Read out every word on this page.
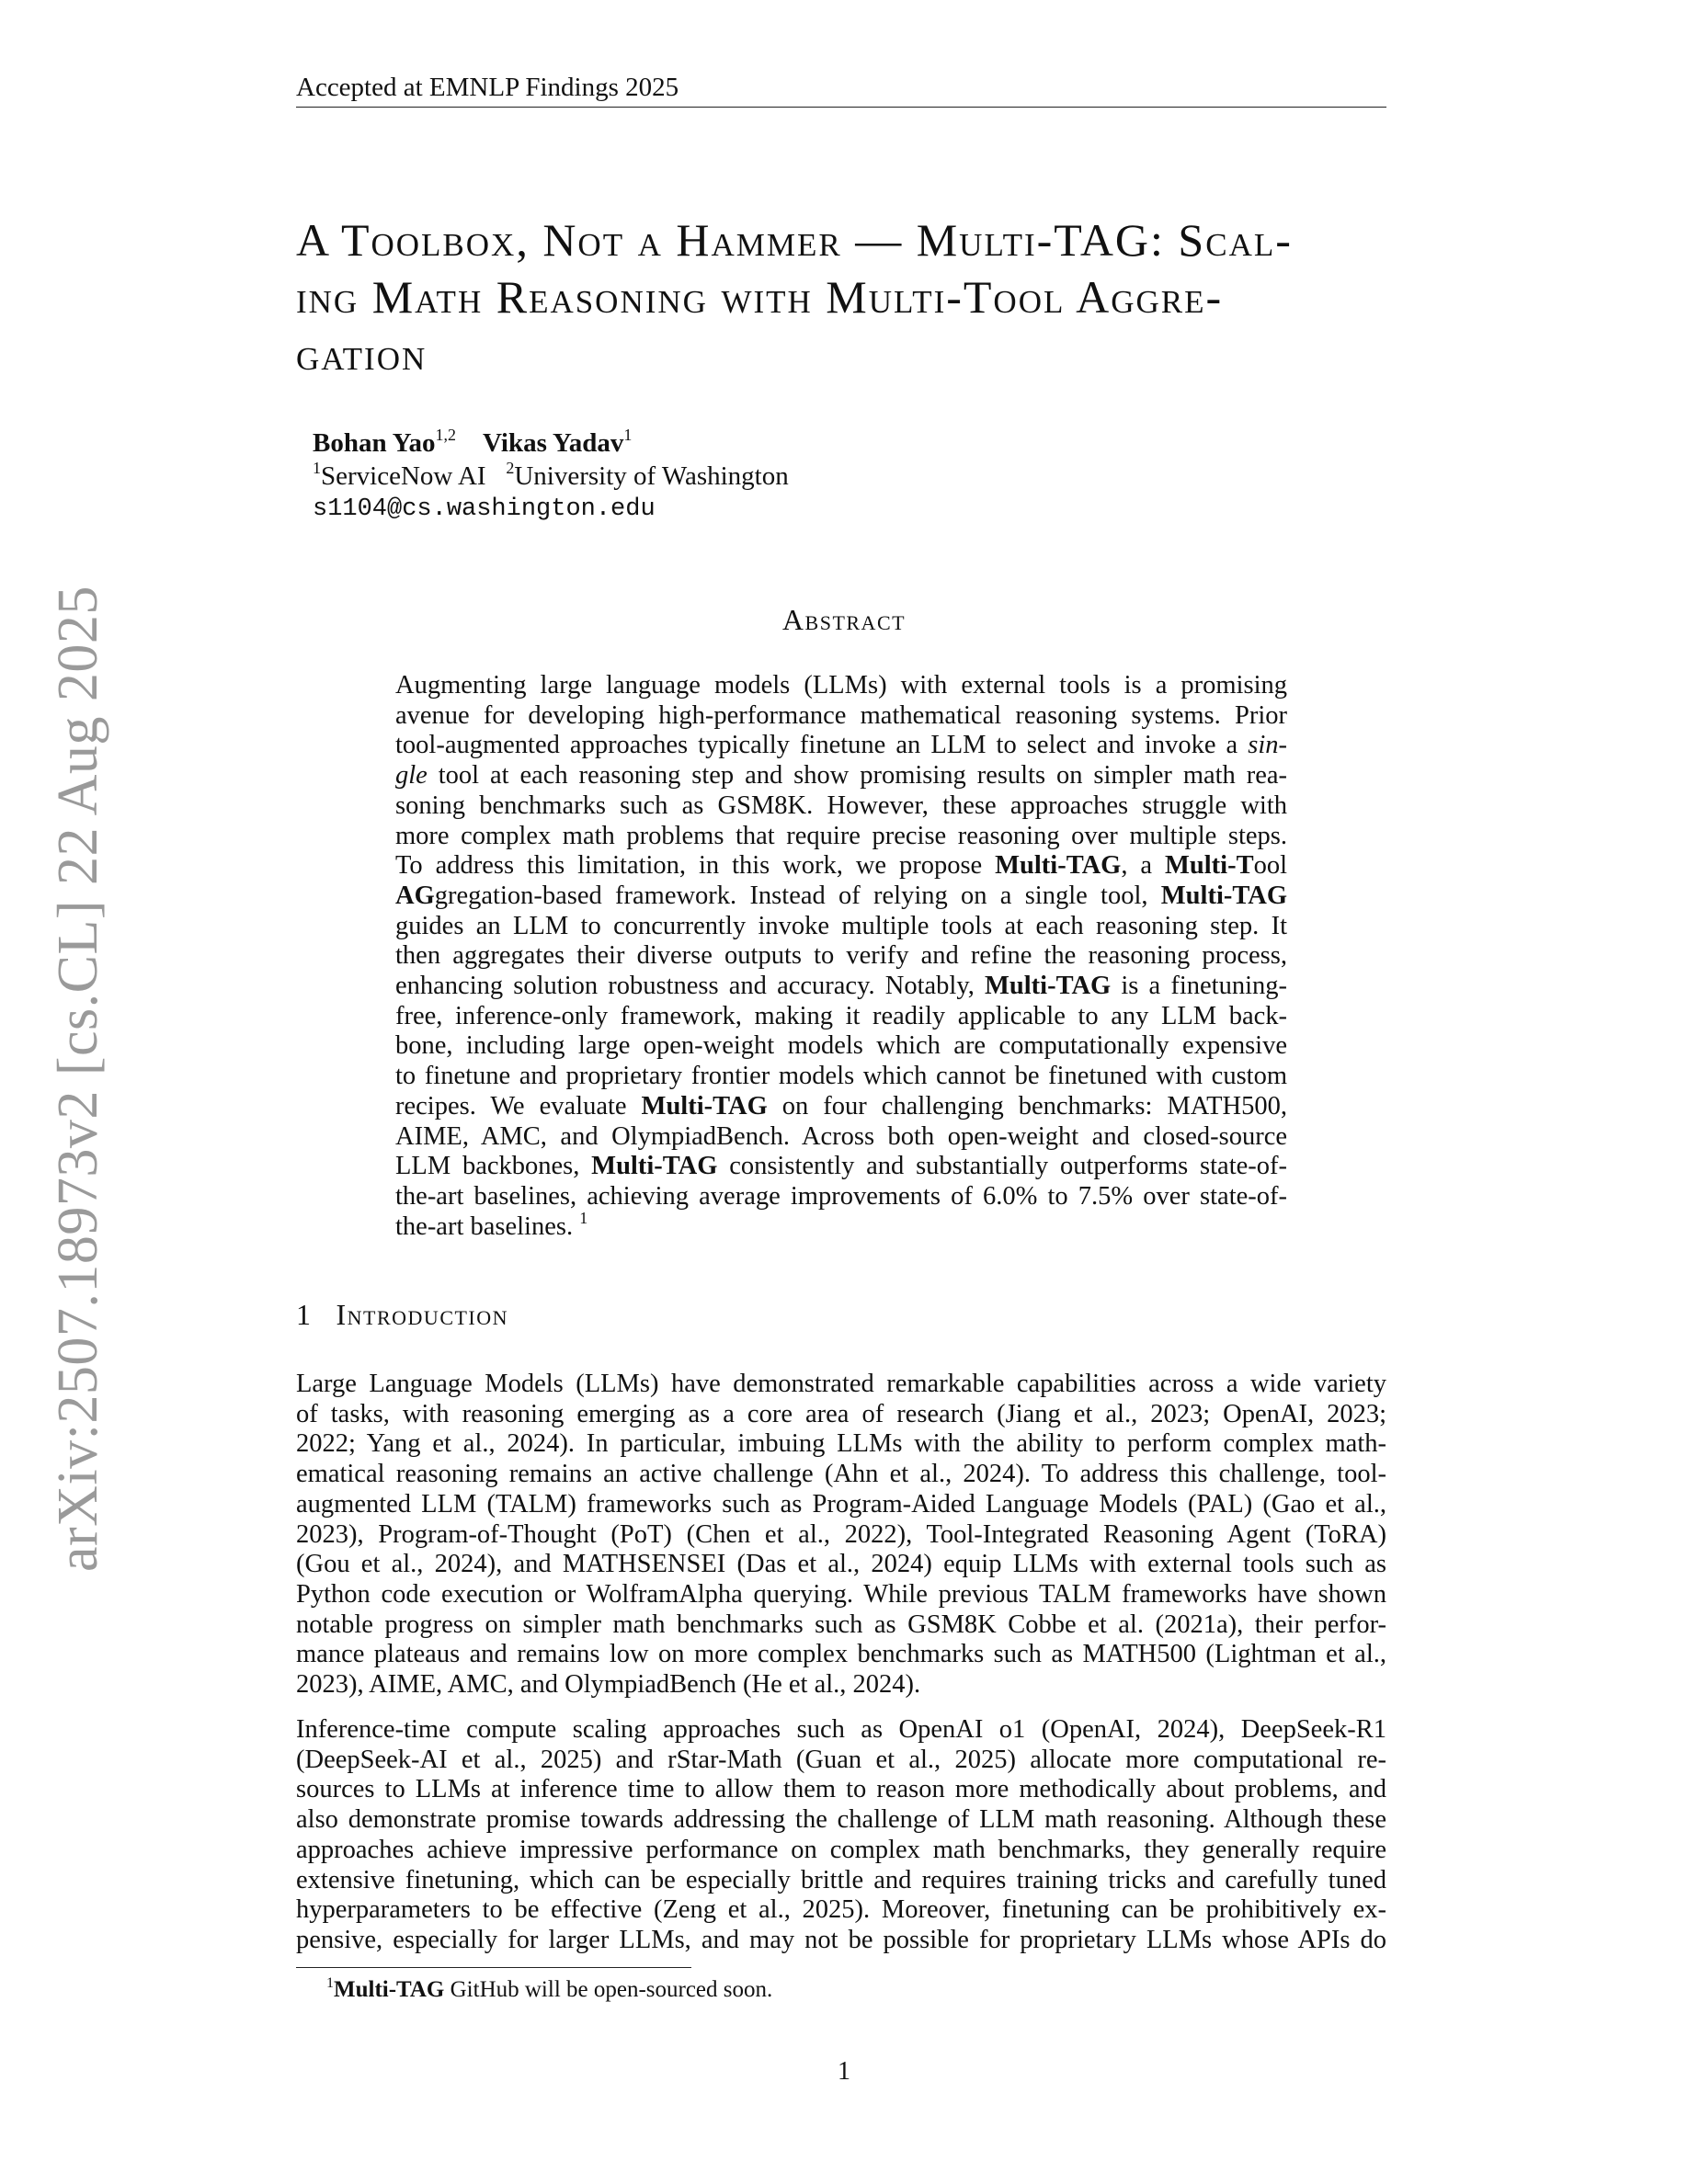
Accepted at EMNLP Findings 2025
arXiv:2507.18973v2 [cs.CL] 22 Aug 2025
A Toolbox, Not a Hammer — Multi-TAG: Scal-
ing Math Reasoning with Multi-Tool Aggre-
gation
Bohan Yao$^{1,2}$ Vikas Yadav$^1$
$^1$ServiceNow AI $^2$University of Washington
s1104@cs.washington.edu
Abstract
Augmenting large language models (LLMs) with external tools is a promising
avenue for developing high-performance mathematical reasoning systems. Prior
tool-augmented approaches typically finetune an LLM to select and invoke a sin-
gle tool at each reasoning step and show promising results on simpler math rea-
soning benchmarks such as GSM8K. However, these approaches struggle with
more complex math problems that require precise reasoning over multiple steps.
To address this limitation, in this work, we propose Multi-TAG, a Multi-Tool
AGgregation-based framework. Instead of relying on a single tool, Multi-TAG
guides an LLM to concurrently invoke multiple tools at each reasoning step. It
then aggregates their diverse outputs to verify and refine the reasoning process,
enhancing solution robustness and accuracy. Notably, Multi-TAG is a finetuning-
free, inference-only framework, making it readily applicable to any LLM back-
bone, including large open-weight models which are computationally expensive
to finetune and proprietary frontier models which cannot be finetuned with custom
recipes. We evaluate Multi-TAG on four challenging benchmarks: MATH500,
AIME, AMC, and OlympiadBench. Across both open-weight and closed-source
LLM backbones, Multi-TAG consistently and substantially outperforms state-of-
the-art baselines, achieving average improvements of 6.0% to 7.5% over state-of-
the-art baselines. $^1$
1 Introduction
Large Language Models (LLMs) have demonstrated remarkable capabilities across a wide variety
of tasks, with reasoning emerging as a core area of research (Jiang et al., 2023; OpenAI, 2023;
2022; Yang et al., 2024). In particular, imbuing LLMs with the ability to perform complex math-
ematical reasoning remains an active challenge (Ahn et al., 2024). To address this challenge, tool-
augmented LLM (TALM) frameworks such as Program-Aided Language Models (PAL) (Gao et al.,
2023), Program-of-Thought (PoT) (Chen et al., 2022), Tool-Integrated Reasoning Agent (ToRA)
(Gou et al., 2024), and MATHSENSEI (Das et al., 2024) equip LLMs with external tools such as
Python code execution or WolframAlpha querying. While previous TALM frameworks have shown
notable progress on simpler math benchmarks such as GSM8K Cobbe et al. (2021a), their perfor-
mance plateaus and remains low on more complex benchmarks such as MATH500 (Lightman et al.,
2023), AIME, AMC, and OlympiadBench (He et al., 2024).
Inference-time compute scaling approaches such as OpenAI o1 (OpenAI, 2024), DeepSeek-R1
(DeepSeek-AI et al., 2025) and rStar-Math (Guan et al., 2025) allocate more computational re-
sources to LLMs at inference time to allow them to reason more methodically about problems, and
also demonstrate promise towards addressing the challenge of LLM math reasoning. Although these
approaches achieve impressive performance on complex math benchmarks, they generally require
extensive finetuning, which can be especially brittle and requires training tricks and carefully tuned
hyperparameters to be effective (Zeng et al., 2025). Moreover, finetuning can be prohibitively ex-
pensive, especially for larger LLMs, and may not be possible for proprietary LLMs whose APIs do
$^1$Multi-TAG GitHub will be open-sourced soon.
1
